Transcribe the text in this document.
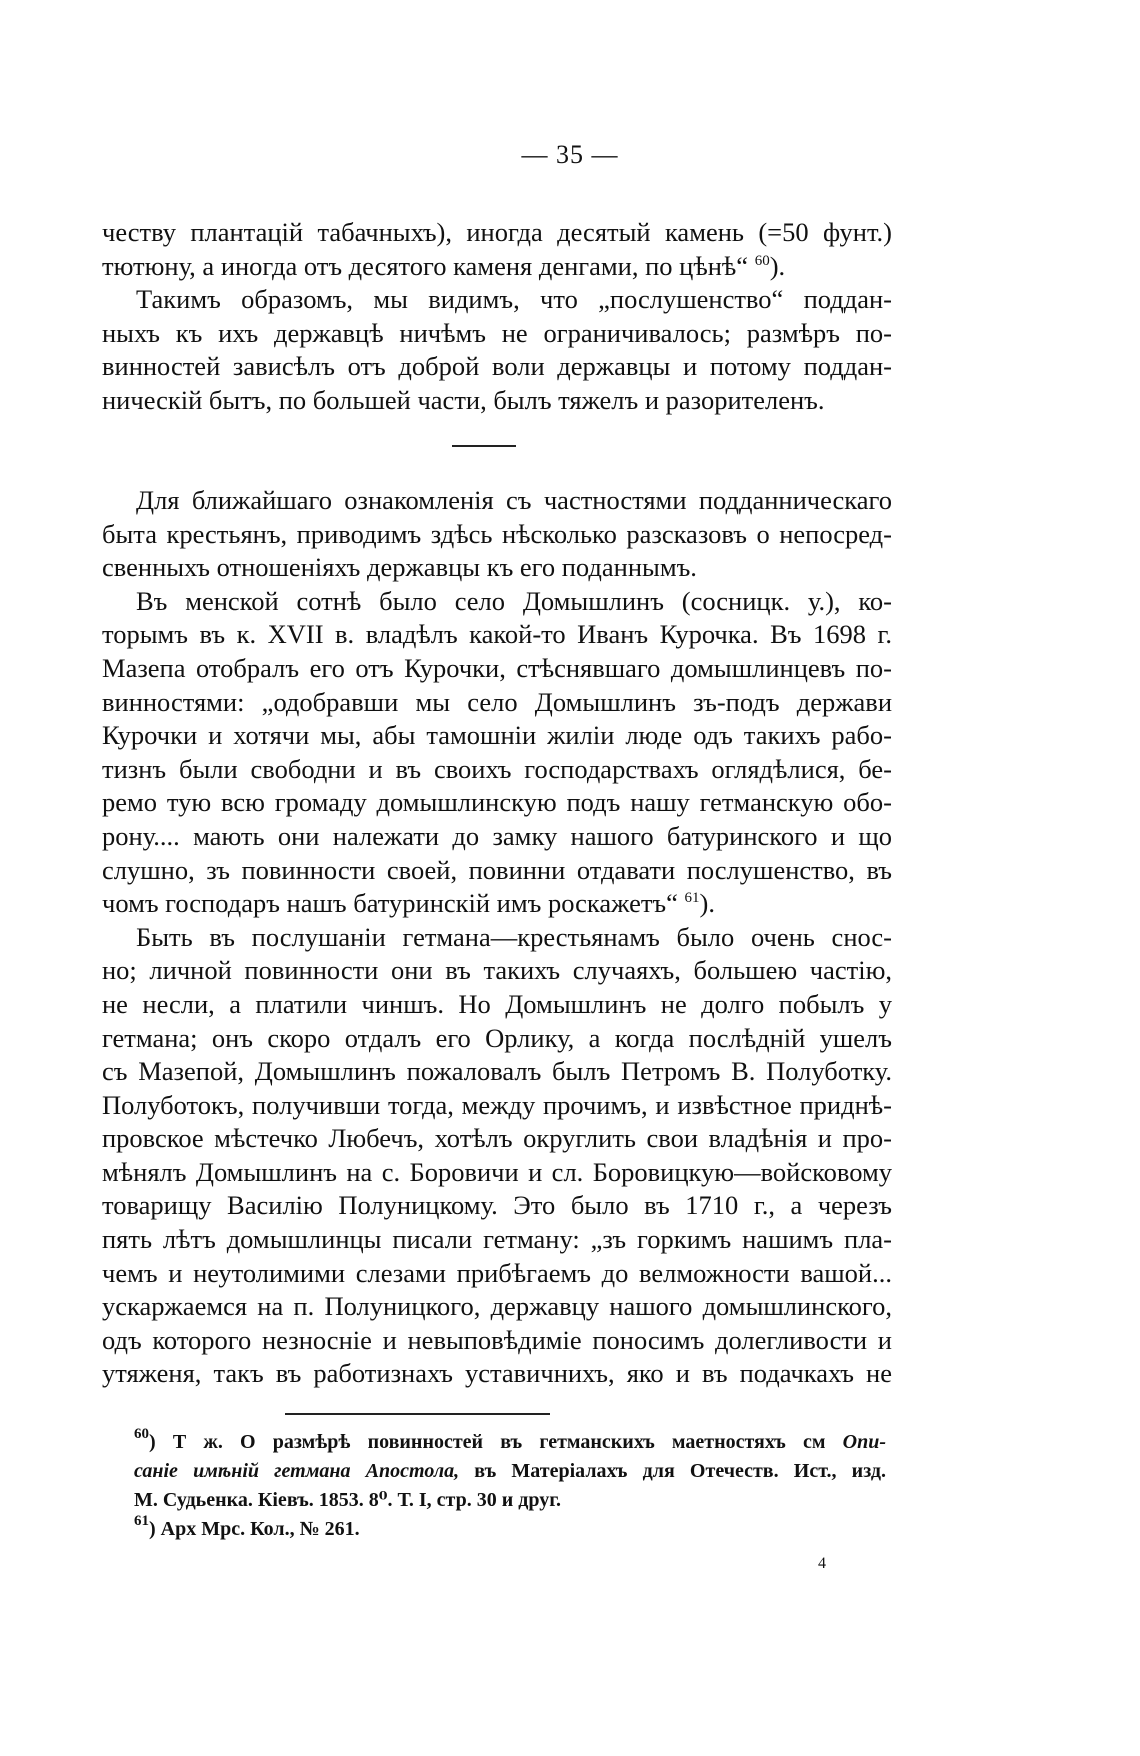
— 35 —

честву плантацій табачныхъ), иногда десятый камень (=50 фунт.)
тютюну, а иногда отъ десятого каменя денгами, по цѣнѣ“ $^{60}$).
Такимъ образомъ, мы видимъ, что „послушенство“ поддан-
ныхъ къ ихъ державцѣ ничѣмъ не ограничивалось; размѣръ по-
винностей зависѣлъ отъ доброй воли державцы и потому поддан-
ническій бытъ, по большей части, былъ тяжелъ и разорителенъ.

Для ближайшаго ознакомленія съ частностями подданническаго
быта крестьянъ, приводимъ здѣсь нѣсколько разсказовъ о непосред-
свенныхъ отношеніяхъ державцы къ его поданнымъ.
Въ менской сотнѣ было село Домышлинъ (сосницк. у.), ко-
торымъ въ к. XVII в. владѣлъ какой-то Иванъ Курочка. Въ 1698 г.
Мазепа отобралъ его отъ Курочки, стѣснявшаго домышлинцевъ по-
винностями: „одобравши мы село Домышлинъ зъ-подъ держави
Курочки и хотячи мы, абы тамошніи жиліи люде одъ такихъ рабо-
тизнъ были свободни и въ своихъ господарствахъ оглядѣлися, бе-
ремо тую всю громаду домышлинскую подъ нашу гетманскую обо-
рону.... мають они належати до замку нашого батуринского и що
слушно, зъ повинности своей, повинни отдавати послушенство, въ
чомъ господаръ нашъ батуринскій имъ роскажетъ“ $^{61}$).
Быть въ послушаніи гетмана—крестьянамъ было очень снос-
но; личной повинности они въ такихъ случаяхъ, большею частію,
не несли, а платили чиншъ. Но Домышлинъ не долго побылъ у
гетмана; онъ скоро отдалъ его Орлику, а когда послѣдній ушелъ
съ Мазепой, Домышлинъ пожаловалъ былъ Петромъ В. Полуботку.
Полуботокъ, получивши тогда, между прочимъ, и извѣстное приднѣ-
провское мѣстечко Любечъ, хотѣлъ округлить свои владѣнія и про-
мѣнялъ Домышлинъ на с. Боровичи и сл. Боровицкую—войсковому
товарищу Василію Полуницкому. Это было въ 1710 г., а черезъ
пять лѣтъ домышлинцы писали гетману: „зъ горкимъ нашимъ пла-
чемъ и неутолимими слезами прибѣгаемъ до велможности вашой...
ускаржаемся на п. Полуницкого, державцу нашого домышлинского,
одъ которого незносніе и невыповѣдиміе поносимъ долегливости и
утяженя, такъ въ работизнахъ уставичнихъ, яко и въ подачкахъ не

$^{60}$) Т ж. О размѣрѣ повинностей въ гетманскихъ маетностяхъ см Опи-
саніе имѣній гетмана Апостола, въ Матеріалахъ для Отечеств. Ист., изд.
М. Судьенка. Кіевъ. 1853. 8⁰. Т. I, стр. 30 и друг.
$^{61}$) Арх Мрс. Кол., № 261.
4
